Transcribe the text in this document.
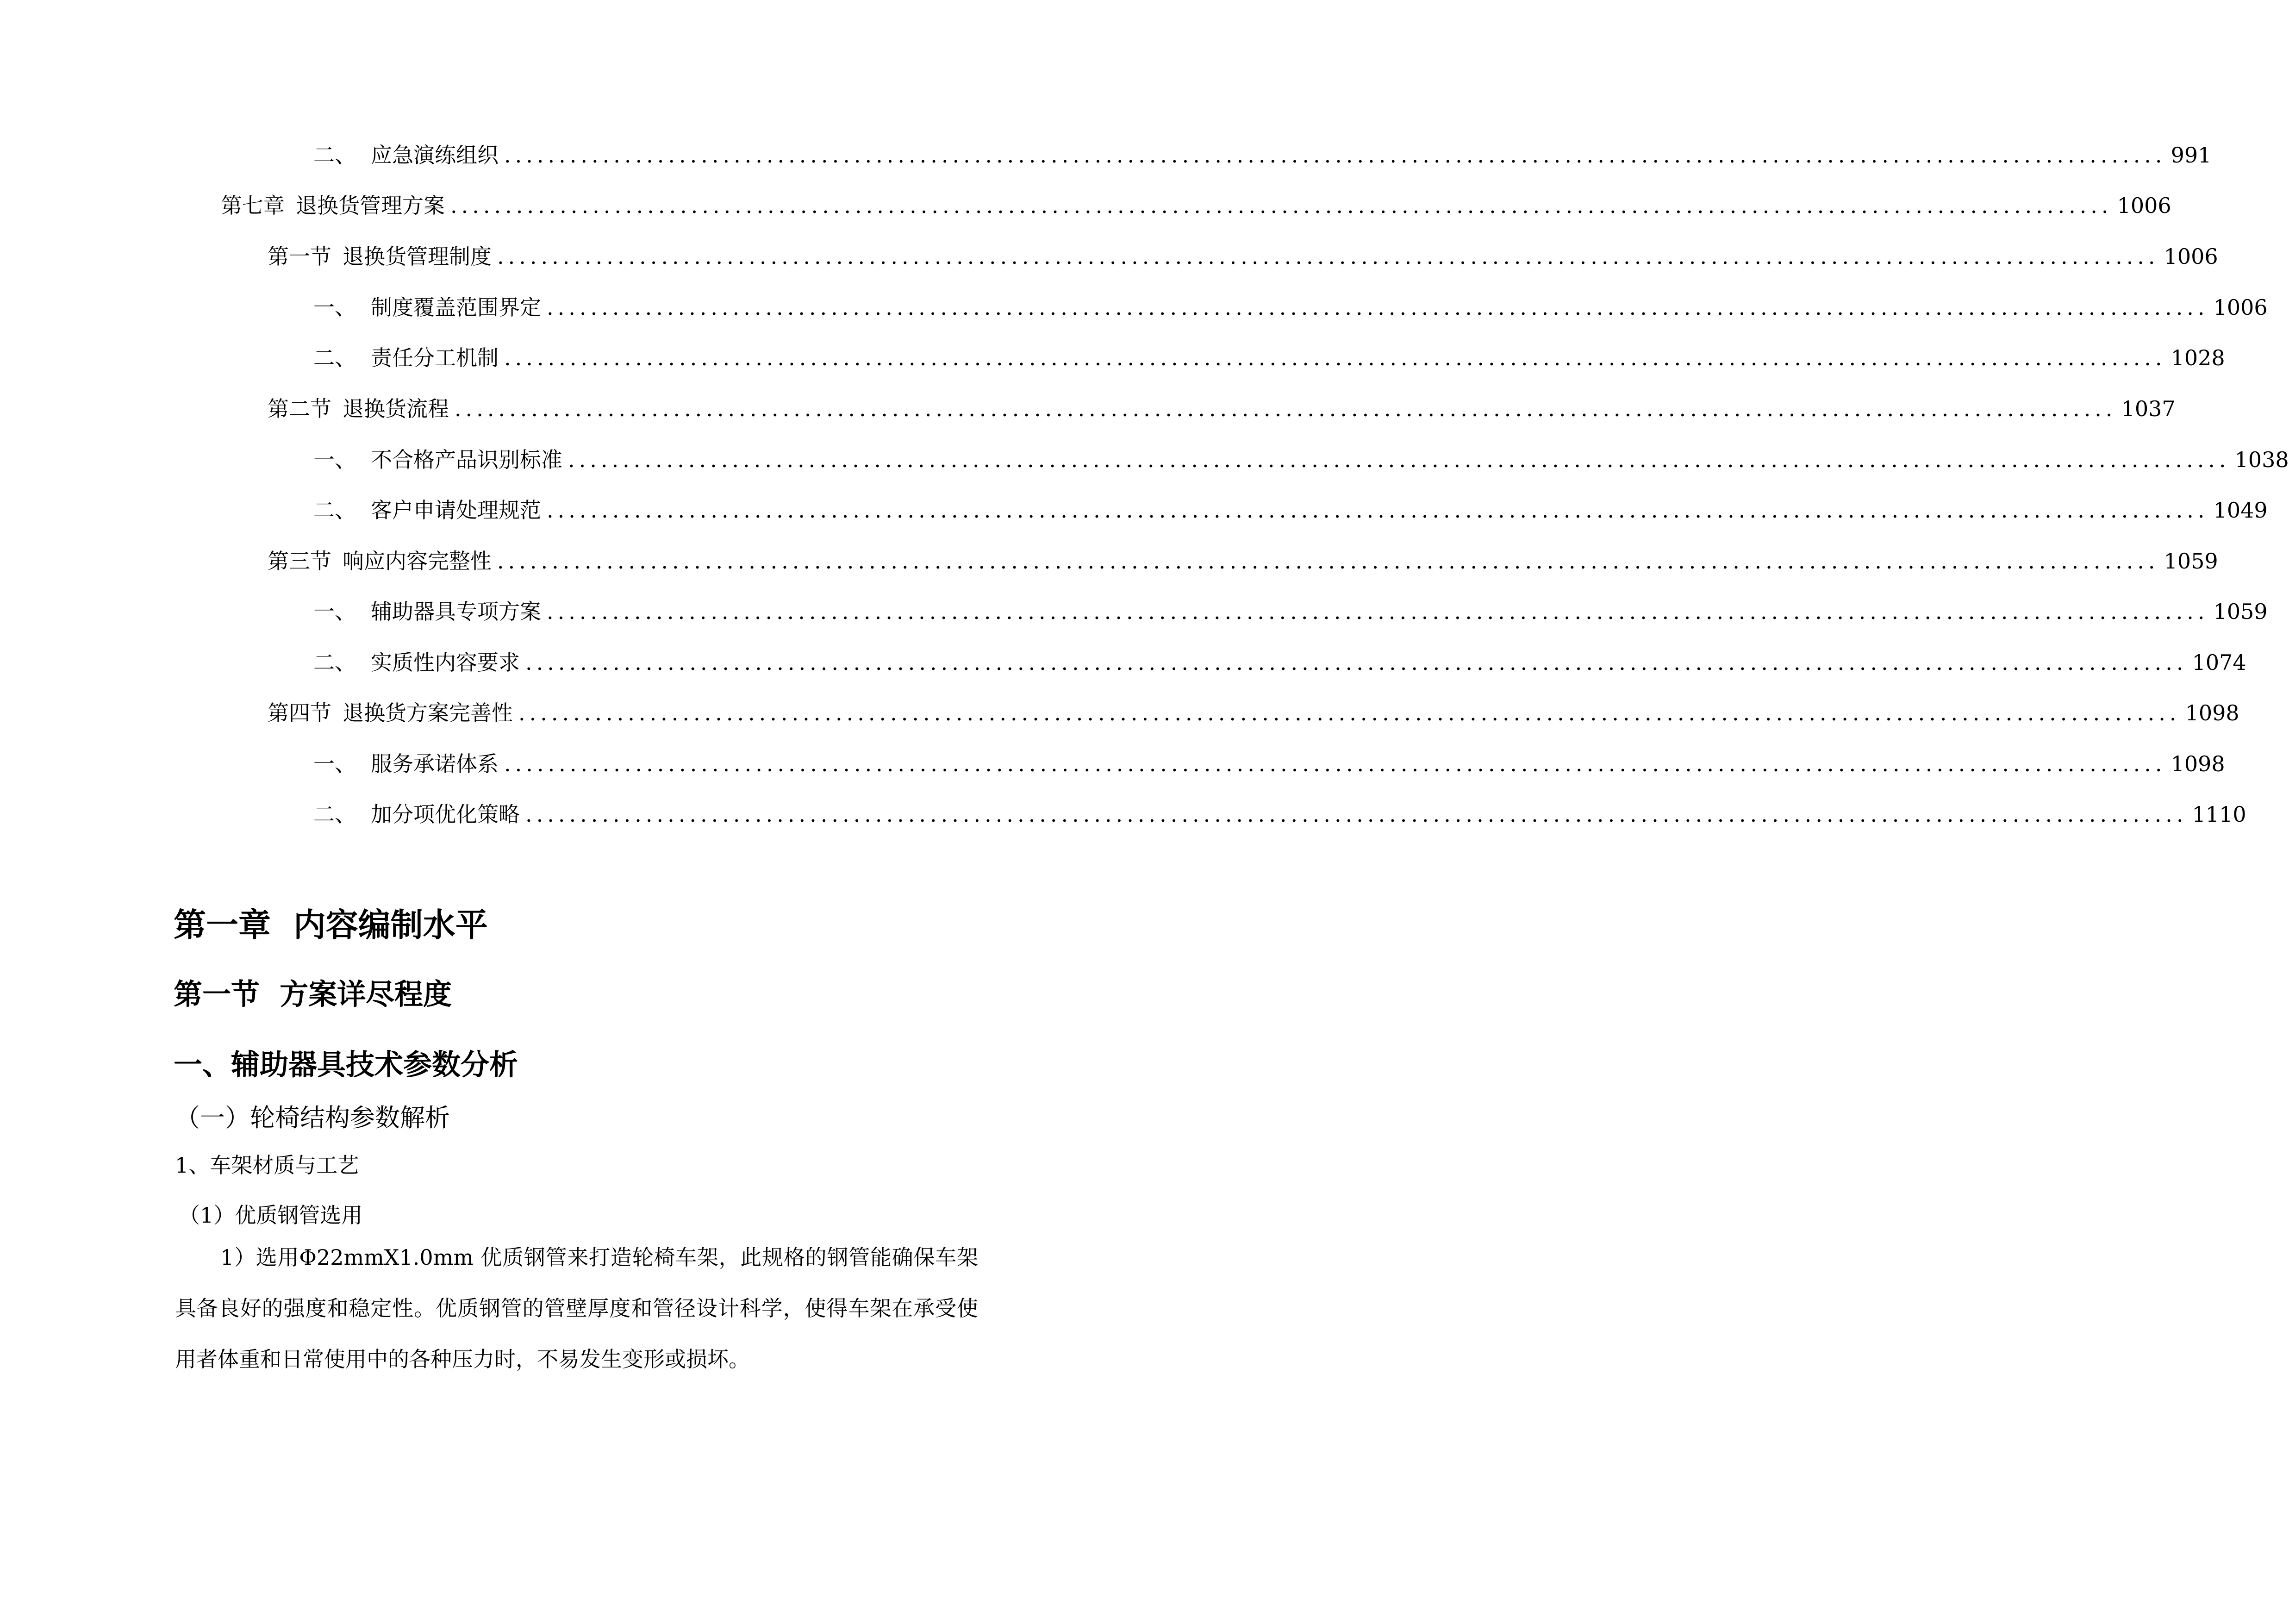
二、 应急演练组织 ........................................................................................................................................................ 991
第七章 退换货管理方案 ........................................................................................................................................................ 1006
第一节 退换货管理制度 ........................................................................................................................................................ 1006
一、 制度覆盖范围界定 ........................................................................................................................................................ 1006
二、 责任分工机制 ........................................................................................................................................................ 1028
第二节 退换货流程 ........................................................................................................................................................ 1037
一、 不合格产品识别标准 ........................................................................................................................................................ 1038
二、 客户申请处理规范 ........................................................................................................................................................ 1049
第三节 响应内容完整性 ........................................................................................................................................................ 1059
一、 辅助器具专项方案 ........................................................................................................................................................ 1059
二、 实质性内容要求 ........................................................................................................................................................ 1074
第四节 退换货方案完善性 ........................................................................................................................................................ 1098
一、 服务承诺体系 ........................................................................................................................................................ 1098
二、 加分项优化策略 ........................................................................................................................................................ 1110
第一章  内容编制水平
第一节  方案详尽程度
一、辅助器具技术参数分析
（一）轮椅结构参数解析
1、车架材质与工艺
（1）优质钢管选用
1）选用Φ22mmX1.0mm 优质钢管来打造轮椅车架，此规格的钢管能确保车架具备良好的强度和稳定性。优质钢管的管壁厚度和管径设计科学，使得车架在承受使用者体重和日常使用中的各种压力时，不易发生变形或损坏。
